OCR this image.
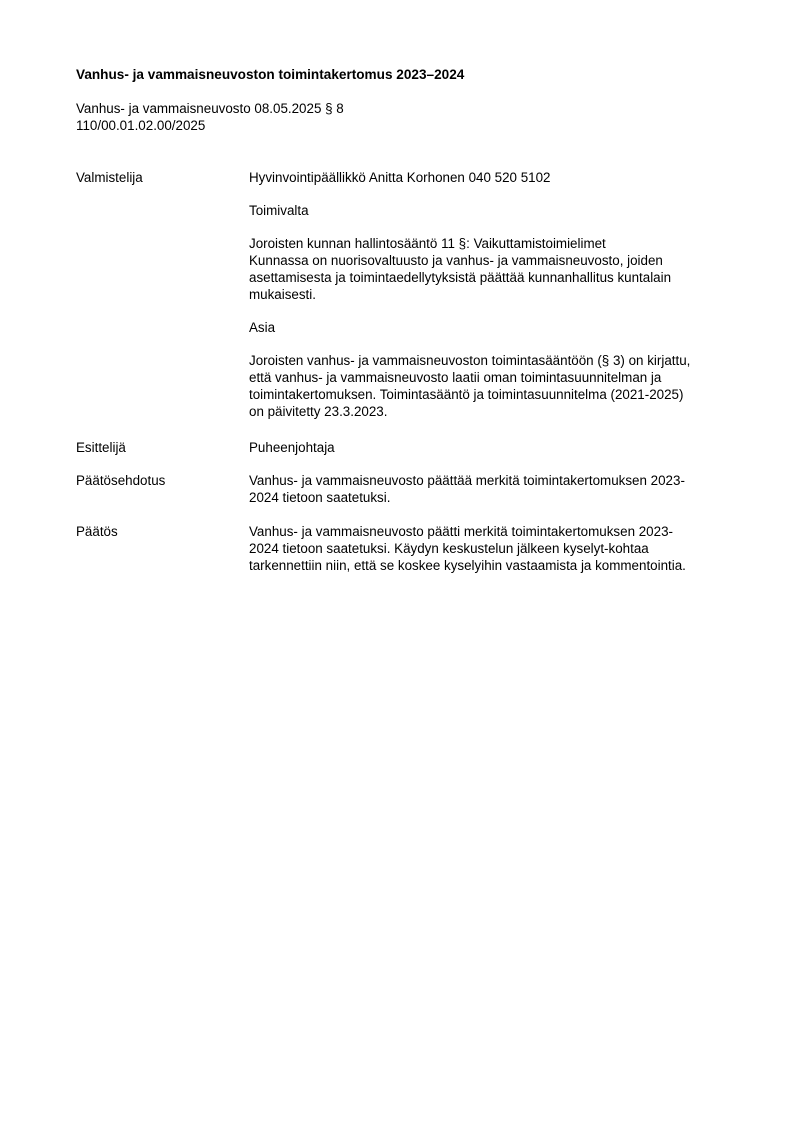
Vanhus- ja vammaisneuvoston toimintakertomus 2023–2024
Vanhus- ja vammaisneuvosto 08.05.2025 § 8
110/00.01.02.00/2025
Valmistelija	Hyvinvointipäällikkö Anitta Korhonen 040 520 5102
Toimivalta
Joroisten kunnan hallintosääntö 11 §: Vaikuttamistoimielimet
Kunnassa on nuorisovaltuusto ja vanhus- ja vammaisneuvosto, joiden
asettamisesta ja toimintaedellytyksistä päättää kunnanhallitus kuntalain
mukaisesti.
Asia
Joroisten vanhus- ja vammaisneuvoston toimintasääntöön (§ 3) on kirjattu,
että vanhus- ja vammaisneuvosto laatii oman toimintasuunnitelman ja
toimintakertomuksen. Toimintasääntö ja toimintasuunnitelma (2021-2025)
on päivitetty 23.3.2023.
Esittelijä	Puheenjohtaja
Päätösehdotus	Vanhus- ja vammaisneuvosto päättää merkitä toimintakertomuksen 2023-
2024 tietoon saatetuksi.
Päätös	Vanhus- ja vammaisneuvosto päätti merkitä toimintakertomuksen 2023-
2024 tietoon saatetuksi. Käydyn keskustelun jälkeen kyselyt-kohtaa
tarkennettiin niin, että se koskee kyselyihin vastaamista ja kommentointia.
